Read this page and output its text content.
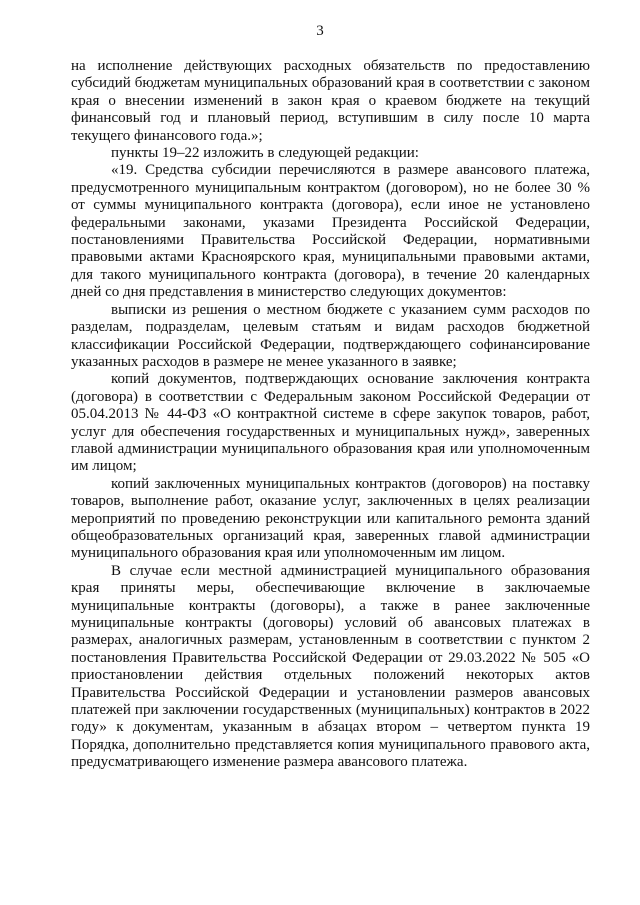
3

на исполнение действующих расходных обязательств по предоставлению субсидий бюджетам муниципальных образований края в соответствии с законом края о внесении изменений в закон края о краевом бюджете на текущий финансовый год и плановый период, вступившим в силу после 10 марта текущего финансового года.»;

пункты 19–22 изложить в следующей редакции:

«19. Средства субсидии перечисляются в размере авансового платежа, предусмотренного муниципальным контрактом (договором), но не более 30 % от суммы муниципального контракта (договора), если иное не установлено федеральными законами, указами Президента Российской Федерации, постановлениями Правительства Российской Федерации, нормативными правовыми актами Красноярского края, муниципальными правовыми актами, для такого муниципального контракта (договора), в течение 20 календарных дней со дня представления в министерство следующих документов:

выписки из решения о местном бюджете с указанием сумм расходов по разделам, подразделам, целевым статьям и видам расходов бюджетной классификации Российской Федерации, подтверждающего софинансирование указанных расходов в размере не менее указанного в заявке;

копий документов, подтверждающих основание заключения контракта (договора) в соответствии с Федеральным законом Российской Федерации от 05.04.2013 № 44-ФЗ «О контрактной системе в сфере закупок товаров, работ, услуг для обеспечения государственных и муниципальных нужд», заверенных главой администрации муниципального образования края или уполномоченным им лицом;

копий заключенных муниципальных контрактов (договоров) на поставку товаров, выполнение работ, оказание услуг, заключенных в целях реализации мероприятий по проведению реконструкции или капитального ремонта зданий общеобразовательных организаций края, заверенных главой администрации муниципального образования края или уполномоченным им лицом.

В случае если местной администрацией муниципального образования края приняты меры, обеспечивающие включение в заключаемые муниципальные контракты (договоры), а также в ранее заключенные муниципальные контракты (договоры) условий об авансовых платежах в размерах, аналогичных размерам, установленным в соответствии с пунктом 2 постановления Правительства Российской Федерации от 29.03.2022 № 505 «О приостановлении действия отдельных положений некоторых актов Правительства Российской Федерации и установлении размеров авансовых платежей при заключении государственных (муниципальных) контрактов в 2022 году» к документам, указанным в абзацах втором – четвертом пункта 19 Порядка, дополнительно представляется копия муниципального правового акта, предусматривающего изменение размера авансового платежа.
